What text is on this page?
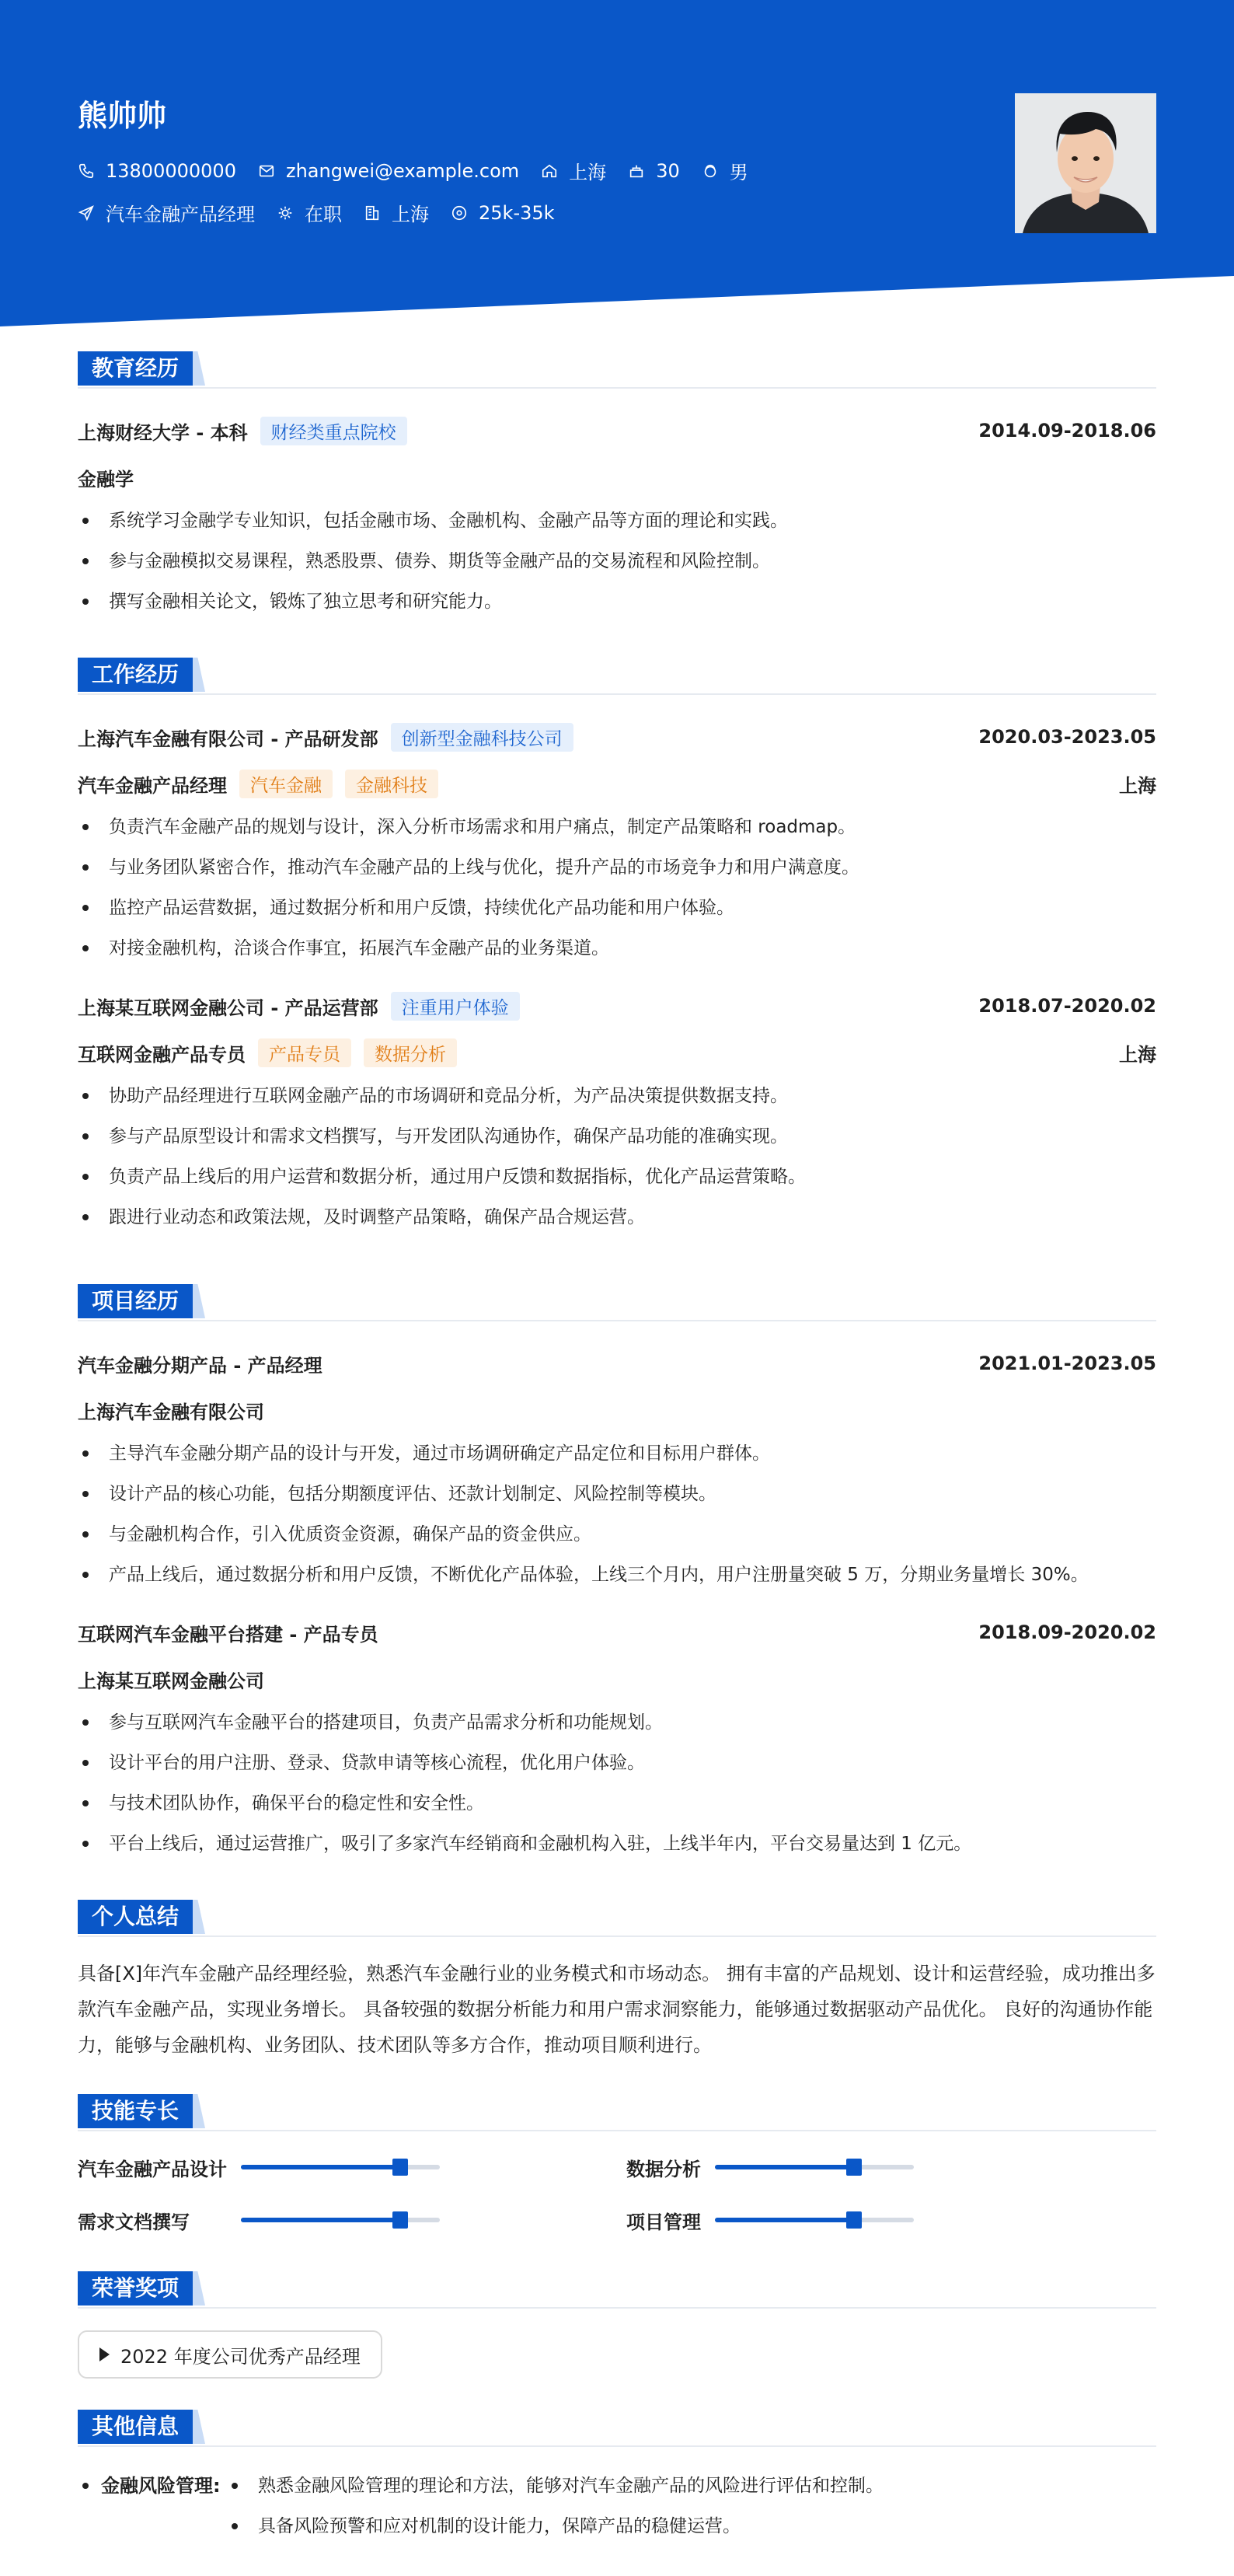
熊帅帅
13800000000	zhangwei@example.com	上海	30	男
汽车金融产品经理	在职	上海	25k-35k
教育经历
上海财经大学 - 本科	财经类重点院校	2014.09-2018.06
金融学
系统学习金融学专业知识，包括金融市场、金融机构、金融产品等方面的理论和实践。
参与金融模拟交易课程，熟悉股票、债券、期货等金融产品的交易流程和风险控制。
撰写金融相关论文，锻炼了独立思考和研究能力。
工作经历
上海汽车金融有限公司 - 产品研发部	创新型金融科技公司	2020.03-2023.05
汽车金融产品经理	汽车金融	金融科技	上海
负责汽车金融产品的规划与设计，深入分析市场需求和用户痛点，制定产品策略和 roadmap。
与业务团队紧密合作，推动汽车金融产品的上线与优化，提升产品的市场竞争力和用户满意度。
监控产品运营数据，通过数据分析和用户反馈，持续优化产品功能和用户体验。
对接金融机构，洽谈合作事宜，拓展汽车金融产品的业务渠道。
上海某互联网金融公司 - 产品运营部	注重用户体验	2018.07-2020.02
互联网金融产品专员	产品专员	数据分析	上海
协助产品经理进行互联网金融产品的市场调研和竞品分析，为产品决策提供数据支持。
参与产品原型设计和需求文档撰写，与开发团队沟通协作，确保产品功能的准确实现。
负责产品上线后的用户运营和数据分析，通过用户反馈和数据指标，优化产品运营策略。
跟进行业动态和政策法规，及时调整产品策略，确保产品合规运营。
项目经历
汽车金融分期产品 - 产品经理	2021.01-2023.05
上海汽车金融有限公司
主导汽车金融分期产品的设计与开发，通过市场调研确定产品定位和目标用户群体。
设计产品的核心功能，包括分期额度评估、还款计划制定、风险控制等模块。
与金融机构合作，引入优质资金资源，确保产品的资金供应。
产品上线后，通过数据分析和用户反馈，不断优化产品体验，上线三个月内，用户注册量突破 5 万，分期业务量增长 30%。
互联网汽车金融平台搭建 - 产品专员	2018.09-2020.02
上海某互联网金融公司
参与互联网汽车金融平台的搭建项目，负责产品需求分析和功能规划。
设计平台的用户注册、登录、贷款申请等核心流程，优化用户体验。
与技术团队协作，确保平台的稳定性和安全性。
平台上线后，通过运营推广，吸引了多家汽车经销商和金融机构入驻，上线半年内，平台交易量达到 1 亿元。
个人总结
具备[X]年汽车金融产品经理经验，熟悉汽车金融行业的业务模式和市场动态。 拥有丰富的产品规划、设计和运营经验，成功推出多款汽车金融产品，实现业务增长。 具备较强的数据分析能力和用户需求洞察能力，能够通过数据驱动产品优化。 良好的沟通协作能力，能够与金融机构、业务团队、技术团队等多方合作，推动项目顺利进行。
技能专长
汽车金融产品设计	数据分析
需求文档撰写	项目管理
荣誉奖项
2022 年度公司优秀产品经理
其他信息
金融风险管理:	熟悉金融风险管理的理论和方法，能够对汽车金融产品的风险进行评估和控制。
具备风险预警和应对机制的设计能力，保障产品的稳健运营。
